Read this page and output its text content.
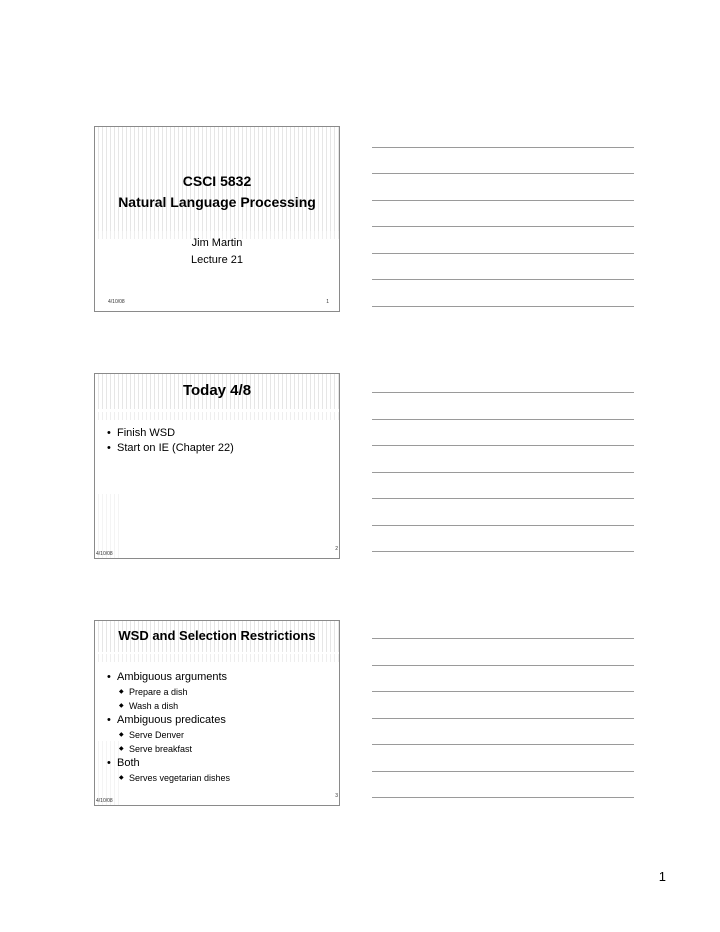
CSCI 5832
Natural Language Processing
Jim Martin
Lecture 21
4/10/08	1
Today 4/8
• Finish WSD
• Start on IE (Chapter 22)
4/10/08
2
WSD and Selection Restrictions
• Ambiguous arguments
◆ Prepare a dish
◆ Wash a dish
• Ambiguous predicates
◆ Serve Denver
◆ Serve breakfast
• Both
◆ Serves vegetarian dishes
4/10/08
3
1
